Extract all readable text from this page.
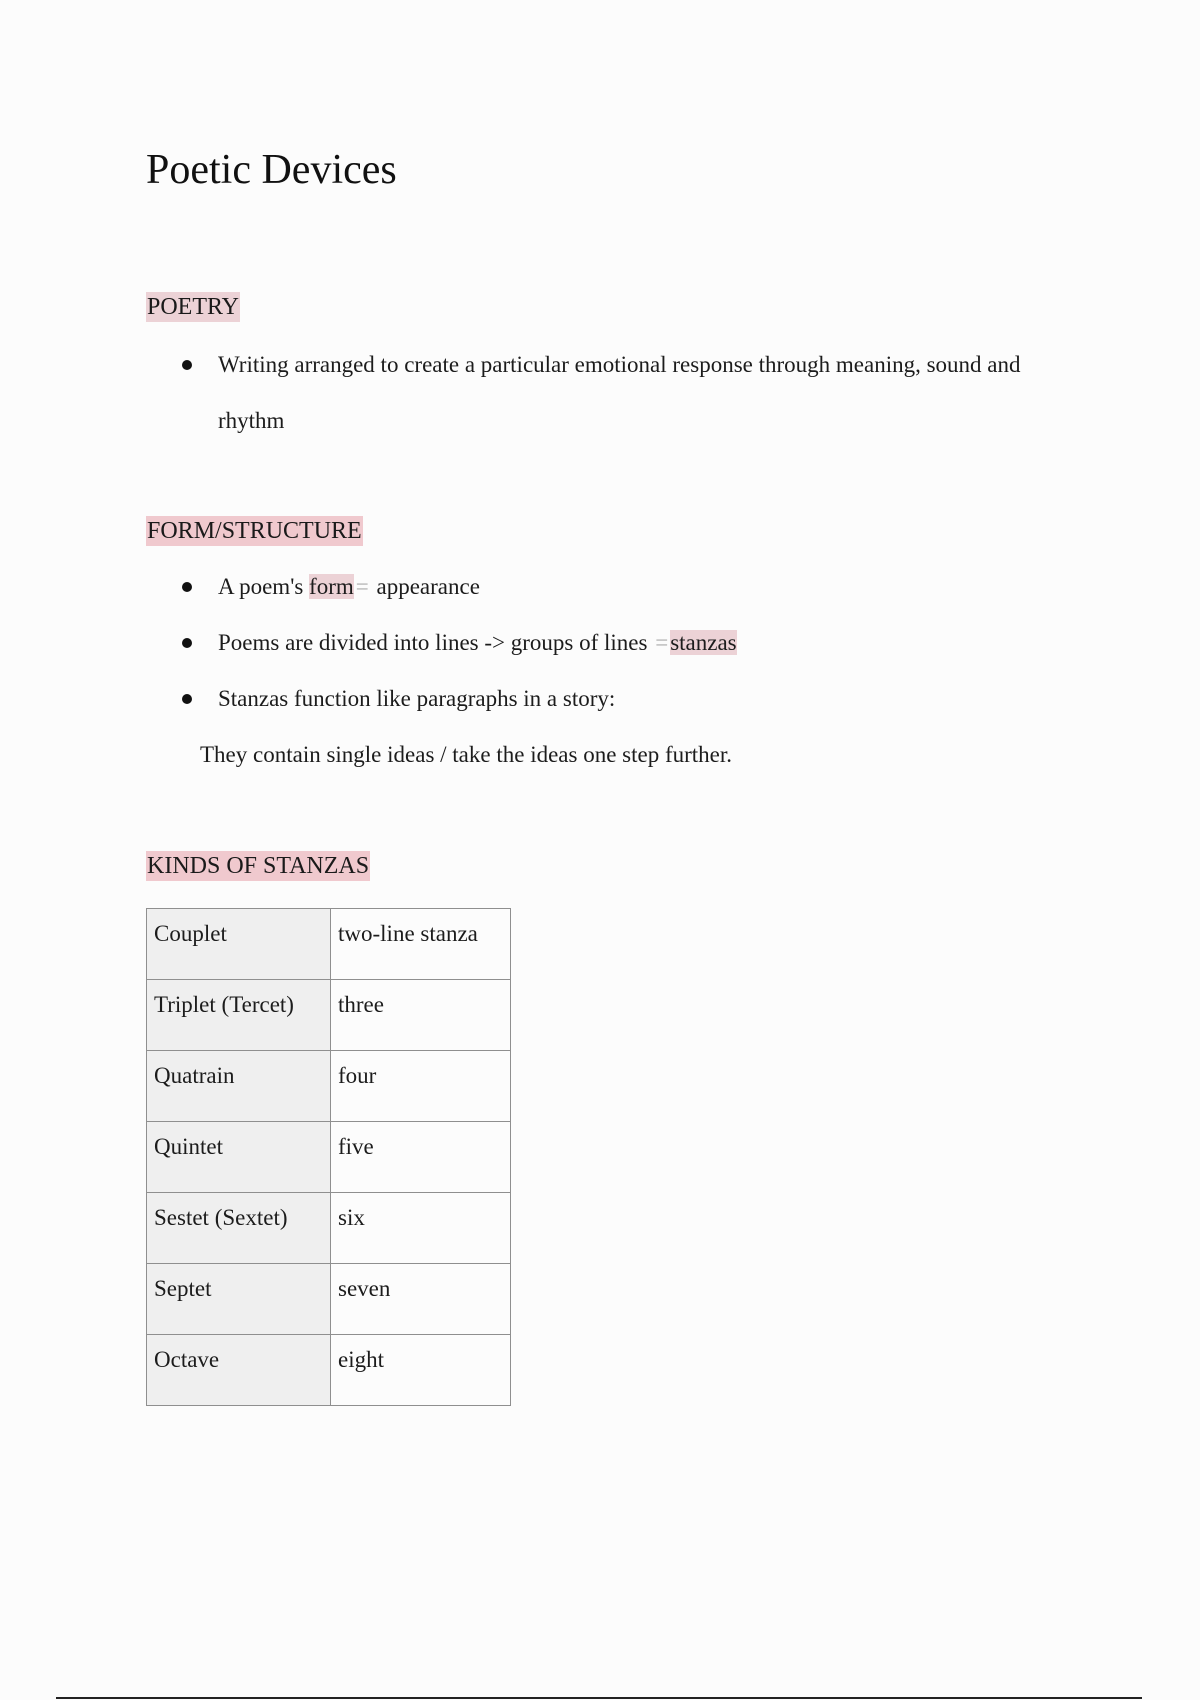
Poetic Devices
POETRY
Writing arranged to create a particular emotional response through meaning, sound and
rhythm
FORM/STRUCTURE
A poem's form= appearance
Poems are divided into lines -> groups of lines =stanzas
Stanzas function like paragraphs in a story:
They contain single ideas / take the ideas one step further.
KINDS OF STANZAS
Couplet	two-line stanza
Triplet (Tercet)	three
Quatrain	four
Quintet	five
Sestet (Sextet)	six
Septet	seven
Octave	eight
